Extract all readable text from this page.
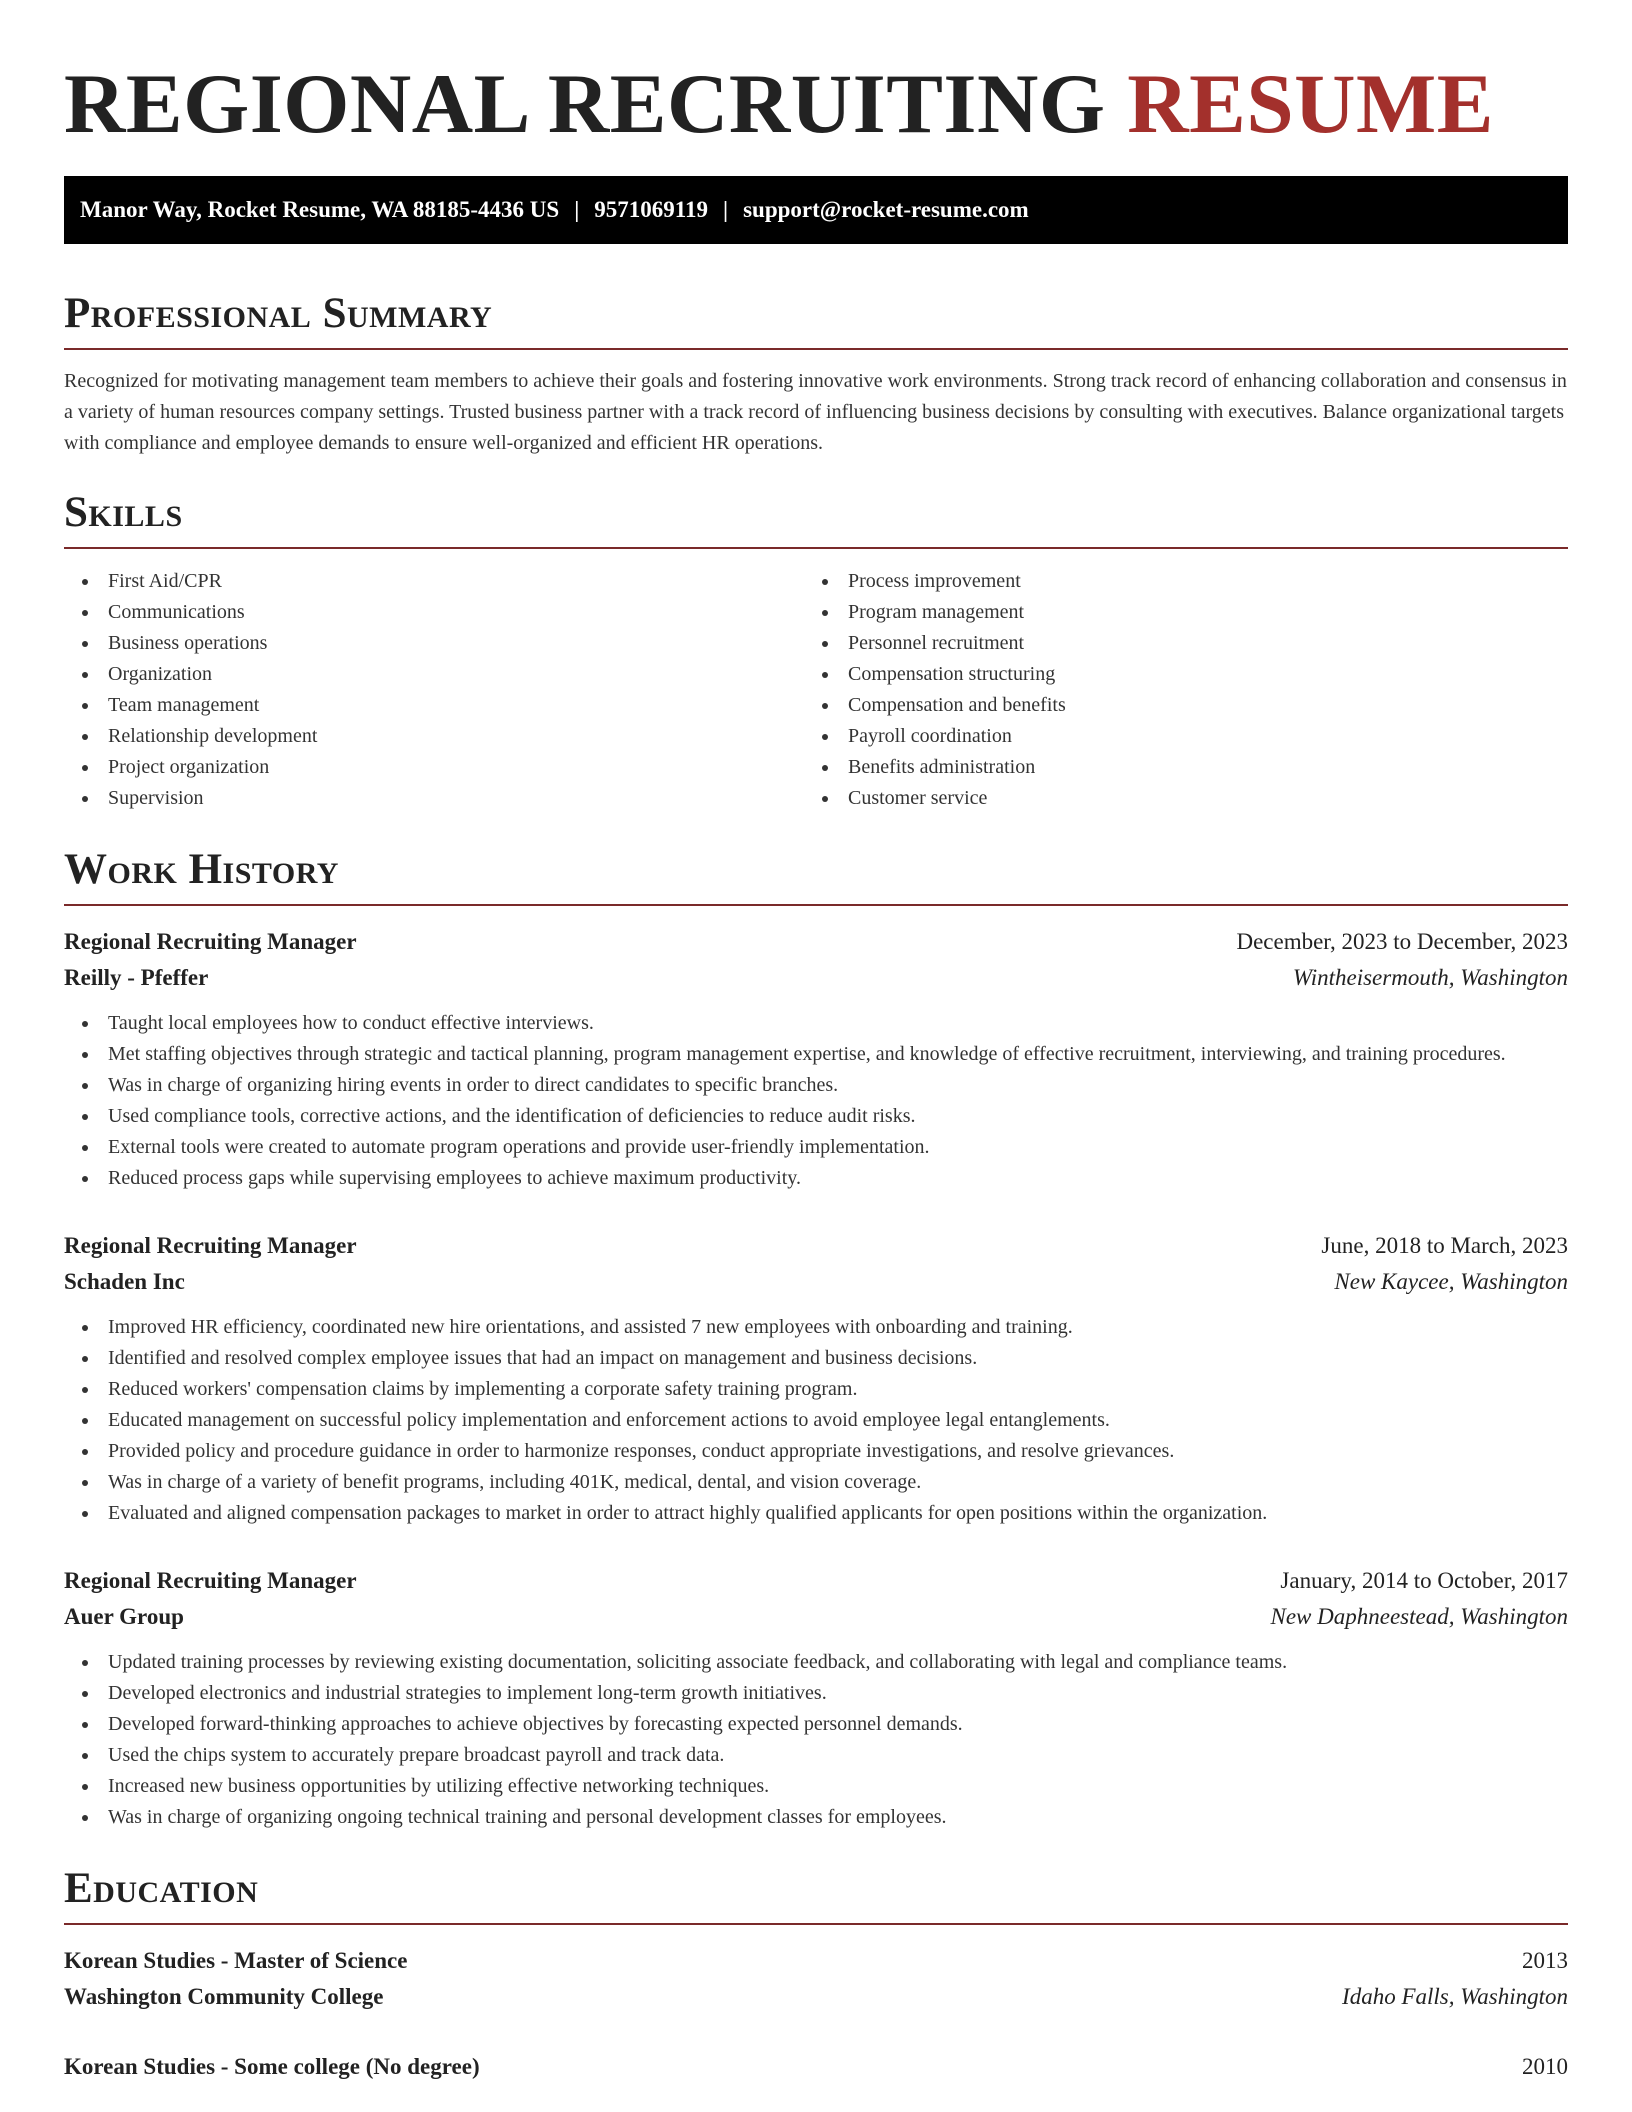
REGIONAL RECRUITING RESUME
Manor Way, Rocket Resume, WA 88185-4436 US | 9571069119 | support@rocket-resume.com
Professional Summary

Recognized for motivating management team members to achieve their goals and fostering innovative work environments. Strong track record of enhancing collaboration and consensus in a variety of human resources company settings. Trusted business partner with a track record of influencing business decisions by consulting with executives. Balance organizational targets with compliance and employee demands to ensure well-organized and efficient HR operations.

Skills
First Aid/CPR
Communications
Business operations
Organization
Team management
Relationship development
Project organization
Supervision
Process improvement
Program management
Personnel recruitment
Compensation structuring
Compensation and benefits
Payroll coordination
Benefits administration
Customer service
Work History
Regional Recruiting Manager	December, 2023 to December, 2023
Reilly - Pfeffer	Wintheisermouth, Washington
Taught local employees how to conduct effective interviews.
Met staffing objectives through strategic and tactical planning, program management expertise, and knowledge of effective recruitment, interviewing, and training procedures.
Was in charge of organizing hiring events in order to direct candidates to specific branches.
Used compliance tools, corrective actions, and the identification of deficiencies to reduce audit risks.
External tools were created to automate program operations and provide user-friendly implementation.
Reduced process gaps while supervising employees to achieve maximum productivity.
Regional Recruiting Manager	June, 2018 to March, 2023
Schaden Inc	New Kaycee, Washington
Improved HR efficiency, coordinated new hire orientations, and assisted 7 new employees with onboarding and training.
Identified and resolved complex employee issues that had an impact on management and business decisions.
Reduced workers' compensation claims by implementing a corporate safety training program.
Educated management on successful policy implementation and enforcement actions to avoid employee legal entanglements.
Provided policy and procedure guidance in order to harmonize responses, conduct appropriate investigations, and resolve grievances.
Was in charge of a variety of benefit programs, including 401K, medical, dental, and vision coverage.
Evaluated and aligned compensation packages to market in order to attract highly qualified applicants for open positions within the organization.
Regional Recruiting Manager	January, 2014 to October, 2017
Auer Group	New Daphneestead, Washington
Updated training processes by reviewing existing documentation, soliciting associate feedback, and collaborating with legal and compliance teams.
Developed electronics and industrial strategies to implement long-term growth initiatives.
Developed forward-thinking approaches to achieve objectives by forecasting expected personnel demands.
Used the chips system to accurately prepare broadcast payroll and track data.
Increased new business opportunities by utilizing effective networking techniques.
Was in charge of organizing ongoing technical training and personal development classes for employees.
Education
Korean Studies - Master of Science	2013
Washington Community College	Idaho Falls, Washington
Korean Studies - Some college (No degree)	2010
